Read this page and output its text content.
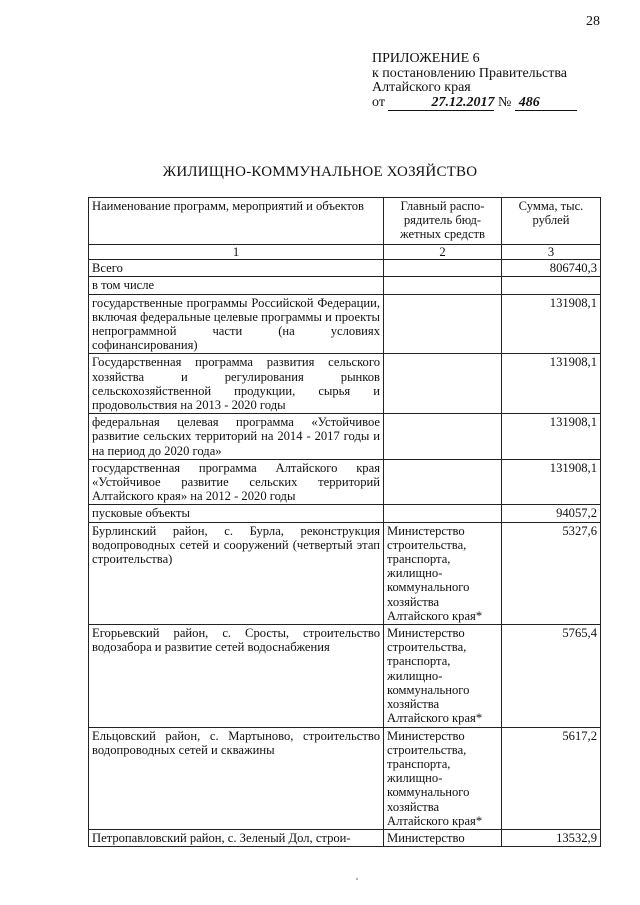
28
ПРИЛОЖЕНИЕ 6
к постановлению Правительства
Алтайского края
от	27.12.2017 № 486
ЖИЛИЩНО-КОММУНАЛЬНОЕ ХОЗЯЙСТВО
Наименование программ, мероприятий и объектов	Главный распо-рядитель бюд-жетных средств	Сумма, тыс. рублей
1	2	3
Всего		806740,3
в том числе		
государственные программы Российской Федерации, включая федеральные целевые программы и проекты непрограммной части (на условиях софинансирования)		131908,1
Государственная программа развития сельского хозяйства и регулирования рынков сельскохозяйственной продукции, сырья и продовольствия на 2013 - 2020 годы		131908,1
федеральная целевая программа «Устойчивое развитие сельских территорий на 2014 - 2017 годы и на период до 2020 года»		131908,1
государственная программа Алтайского края «Устойчивое развитие сельских территорий Алтайского края» на 2012 - 2020 годы		131908,1
пусковые объекты		94057,2
Бурлинский район, с. Бурла, реконструкция водопроводных сетей и сооружений (четвертый этап строительства)	Министерство строительства, транспорта, жилищно-коммунального хозяйства Алтайского края*	5327,6
Егорьевский район, с. Сросты, строительство водозабора и развитие сетей водоснабжения	Министерство строительства, транспорта, жилищно-коммунального хозяйства Алтайского края*	5765,4
Ельцовский район, с. Мартыново, строительство водопроводных сетей и скважины	Министерство строительства, транспорта, жилищно-коммунального хозяйства Алтайского края*	5617,2
Петропавловский район, с. Зеленый Дол, строи-	Министерство	13532,9
